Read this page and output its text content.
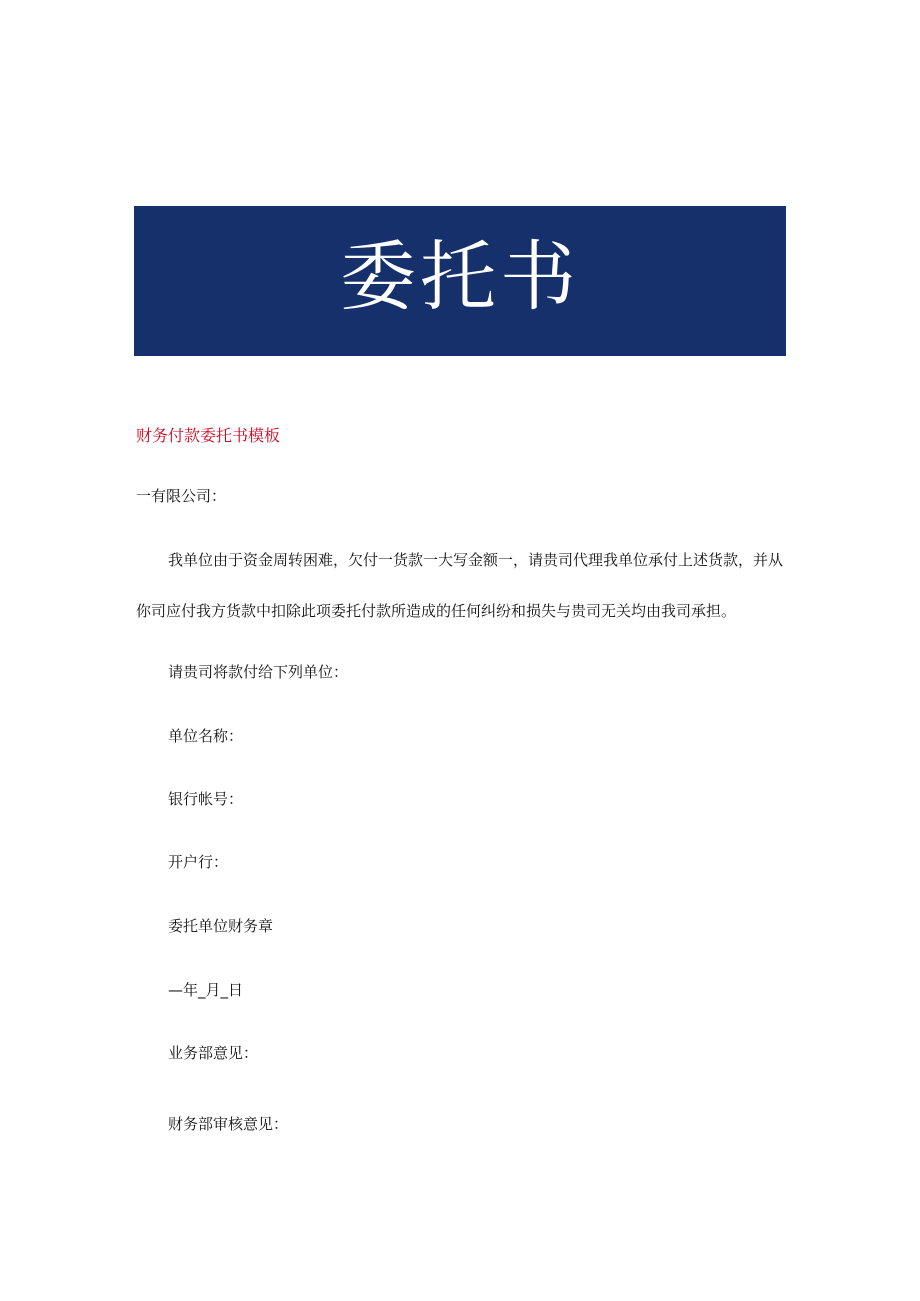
委托书
财务付款委托书模板
一有限公司：
我单位由于资金周转困难，欠付一货款一大写金额一，请贵司代理我单位承付上述货款，并从
你司应付我方货款中扣除此项委托付款所造成的任何纠纷和损失与贵司无关均由我司承担。
请贵司将款付给下列单位：
单位名称：
银行帐号：
开户行：
委托单位财务章
—年_月_日
业务部意见：
财务部审核意见：
